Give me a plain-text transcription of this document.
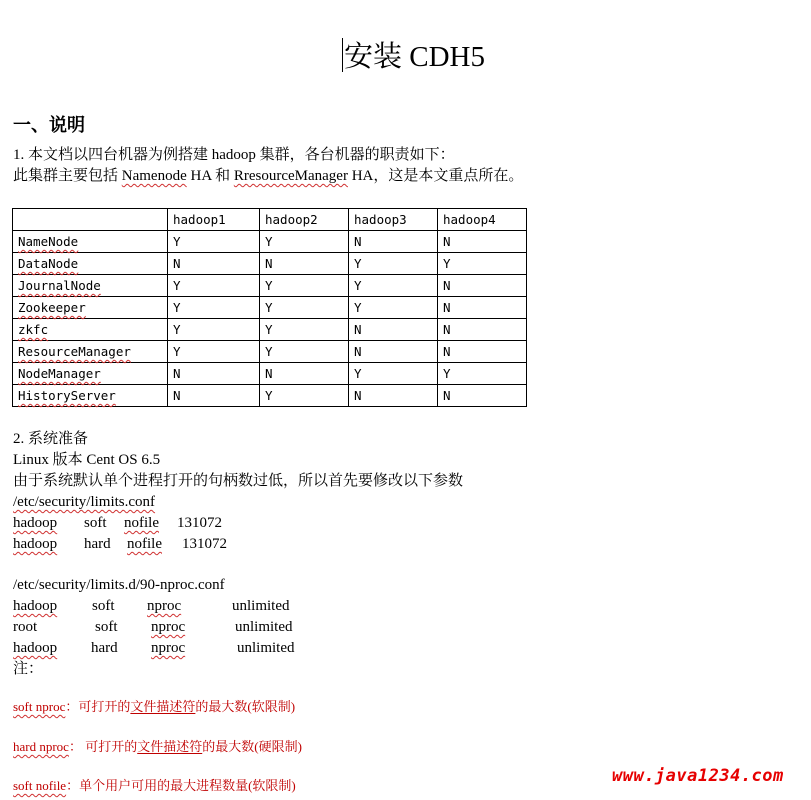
安装 CDH5
一、说明
1. 本文档以四台机器为例搭建 hadoop 集群，各台机器的职责如下：
此集群主要包括 Namenode HA 和 RresourceManager HA，这是本文重点所在。
	hadoop1	hadoop2	hadoop3	hadoop4
NameNode	Y	Y	N	N
DataNode	N	N	Y	Y
JournalNode	Y	Y	Y	N
Zookeeper	Y	Y	Y	N
zkfc	Y	Y	N	N
ResourceManager	Y	Y	N	N
NodeManager	N	N	Y	Y
HistoryServer	N	Y	N	N
2. 系统准备
Linux 版本 Cent OS 6.5
由于系统默认单个进程打开的句柄数过低，所以首先要修改以下参数
/etc/security/limits.conf
hadoop soft nofile 131072
hadoop hard nofile 131072
/etc/security/limits.d/90-nproc.conf
hadoop soft nproc	unlimited
root	soft nproc	unlimited
hadoop hard nproc	unlimited
注：
soft nproc：可打开的文件描述符的最大数(软限制)
hard nproc： 可打开的文件描述符的最大数(硬限制)
soft nofile：单个用户可用的最大进程数量(软限制)	www.java1234.com
